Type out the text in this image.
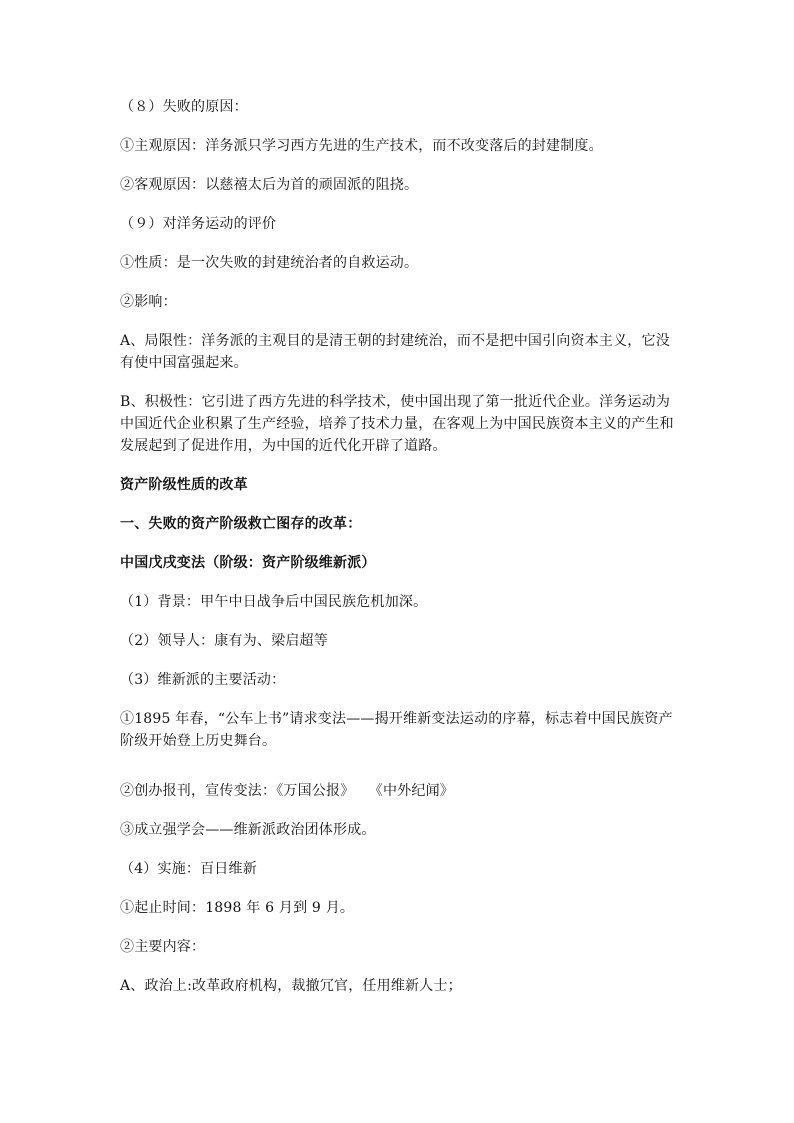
（８）失败的原因：

①主观原因：洋务派只学习西方先进的生产技术，而不改变落后的封建制度。

②客观原因：以慈禧太后为首的顽固派的阻挠。

（９）对洋务运动的评价

①性质：是一次失败的封建统治者的自救运动。

②影响：

A、局限性：洋务派的主观目的是清王朝的封建统治，而不是把中国引向资本主义，它没有使中国富强起来。

B、积极性：它引进了西方先进的科学技术，使中国出现了第一批近代企业。洋务运动为中国近代企业积累了生产经验，培养了技术力量，在客观上为中国民族资本主义的产生和发展起到了促进作用，为中国的近代化开辟了道路。

资产阶级性质的改革

一、失败的资产阶级救亡图存的改革：

中国戊戌变法（阶级：资产阶级维新派）

（1）背景：甲午中日战争后中国民族危机加深。

（2）领导人：康有为、梁启超等

（3）维新派的主要活动：

①1895 年春，“公车上书”请求变法——揭开维新变法运动的序幕，标志着中国民族资产阶级开始登上历史舞台。

②创办报刊，宣传变法：《万国公报》　　《中外纪闻》

③成立强学会——维新派政治团体形成。

（4）实施：百日维新

①起止时间：1898 年 6 月到 9 月。

②主要内容：

A、政治上:改革政府机构，裁撤冗官，任用维新人士；
